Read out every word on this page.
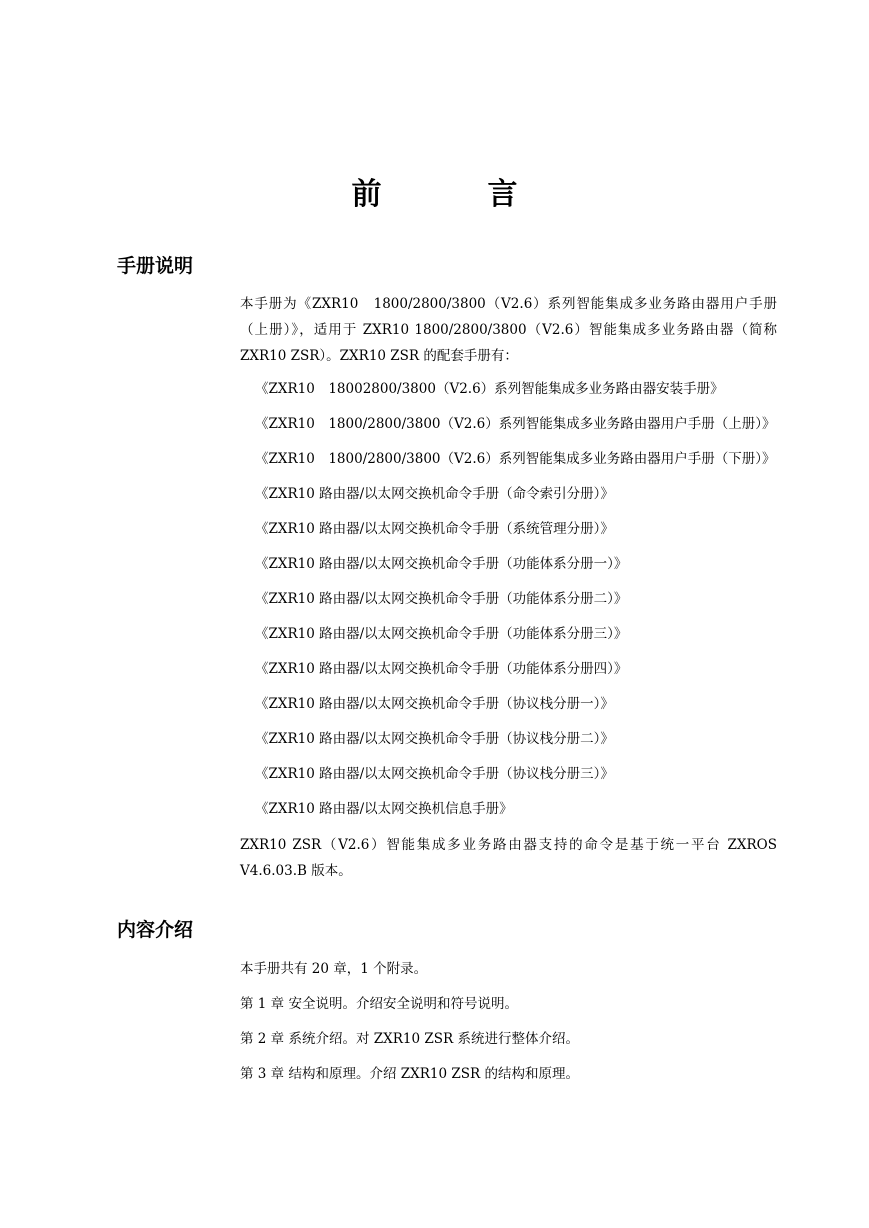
前　言
手册说明

本手册为《ZXR10　1800/2800/3800（V2.6）系列智能集成多业务路由器用户手册（上册）》，适用于 ZXR10 1800/2800/3800（V2.6）智能集成多业务路由器（简称 ZXR10 ZSR）。ZXR10 ZSR 的配套手册有：

《ZXR10　18002800/3800（V2.6）系列智能集成多业务路由器安装手册》
《ZXR10　1800/2800/3800（V2.6）系列智能集成多业务路由器用户手册（上册）》
《ZXR10　1800/2800/3800（V2.6）系列智能集成多业务路由器用户手册（下册）》
《ZXR10 路由器/以太网交换机命令手册（命令索引分册）》
《ZXR10 路由器/以太网交换机命令手册（系统管理分册）》
《ZXR10 路由器/以太网交换机命令手册（功能体系分册一）》
《ZXR10 路由器/以太网交换机命令手册（功能体系分册二）》
《ZXR10 路由器/以太网交换机命令手册（功能体系分册三）》
《ZXR10 路由器/以太网交换机命令手册（功能体系分册四）》
《ZXR10 路由器/以太网交换机命令手册（协议栈分册一）》
《ZXR10 路由器/以太网交换机命令手册（协议栈分册二）》
《ZXR10 路由器/以太网交换机命令手册（协议栈分册三）》
《ZXR10 路由器/以太网交换机信息手册》

ZXR10 ZSR（V2.6）智能集成多业务路由器支持的命令是基于统一平台 ZXROS V4.6.03.B 版本。

内容介绍
本手册共有 20 章，1 个附录。
第 1 章 安全说明。介绍安全说明和符号说明。
第 2 章 系统介绍。对 ZXR10 ZSR 系统进行整体介绍。
第 3 章 结构和原理。介绍 ZXR10 ZSR 的结构和原理。
